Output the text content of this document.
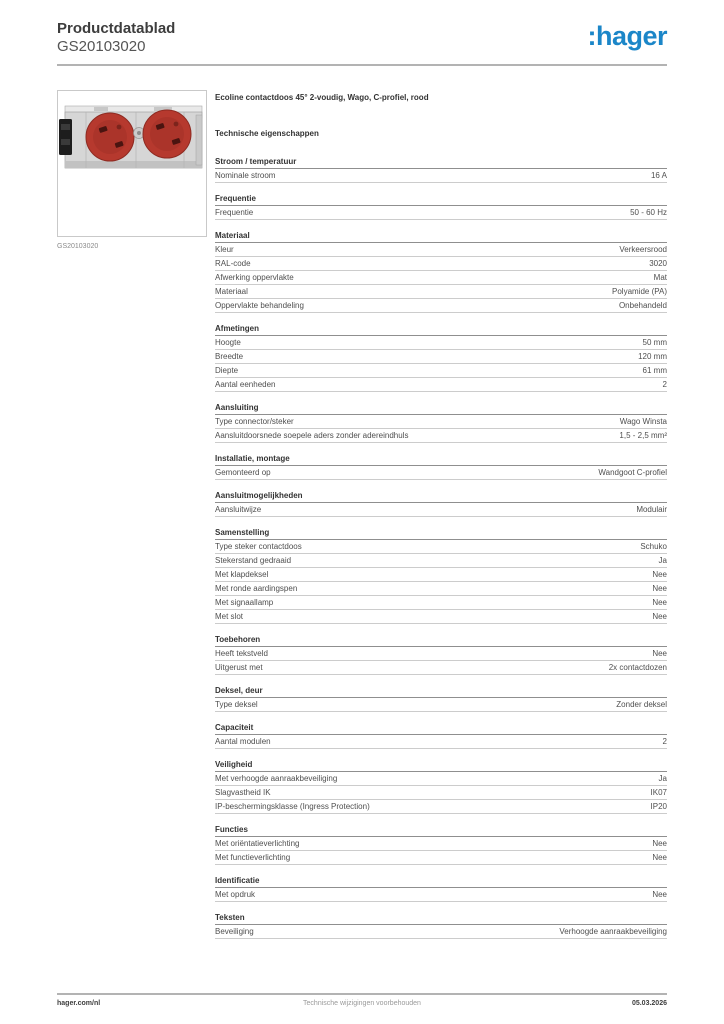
Productdatablad
GS20103020	:hager
GS20103020
Ecoline contactdoos 45° 2-voudig, Wago, C-profiel, rood
Technische eigenschappen
Stroom / temperatuur
Nominale stroom	16 A
Frequentie
Frequentie	50 - 60 Hz
Materiaal
Kleur	Verkeersrood
RAL-code	3020
Afwerking oppervlakte	Mat
Materiaal	Polyamide (PA)
Oppervlakte behandeling	Onbehandeld
Afmetingen
Hoogte	50 mm
Breedte	120 mm
Diepte	61 mm
Aantal eenheden	2
Aansluiting
Type connector/steker	Wago Winsta
Aansluitdoorsnede soepele aders zonder adereindhuls	1,5 - 2,5 mm²
Installatie, montage
Gemonteerd op	Wandgoot C-profiel
Aansluitmogelijkheden
Aansluitwijze	Modulair
Samenstelling
Type steker contactdoos	Schuko
Stekerstand gedraaid	Ja
Met klapdeksel	Nee
Met ronde aardingspen	Nee
Met signaallamp	Nee
Met slot	Nee
Toebehoren
Heeft tekstveld	Nee
Uitgerust met	2x contactdozen
Deksel, deur
Type deksel	Zonder deksel
Capaciteit
Aantal modulen	2
Veiligheid
Met verhoogde aanraakbeveiliging	Ja
Slagvastheid IK	IK07
IP-beschermingsklasse (Ingress Protection)	IP20
Functies
Met oriëntatieverlichting	Nee
Met functieverlichting	Nee
Identificatie
Met opdruk	Nee
Teksten
Beveiliging	Verhoogde aanraakbeveiliging
hager.com/nl	Technische wijzigingen voorbehouden	05.03.2026
